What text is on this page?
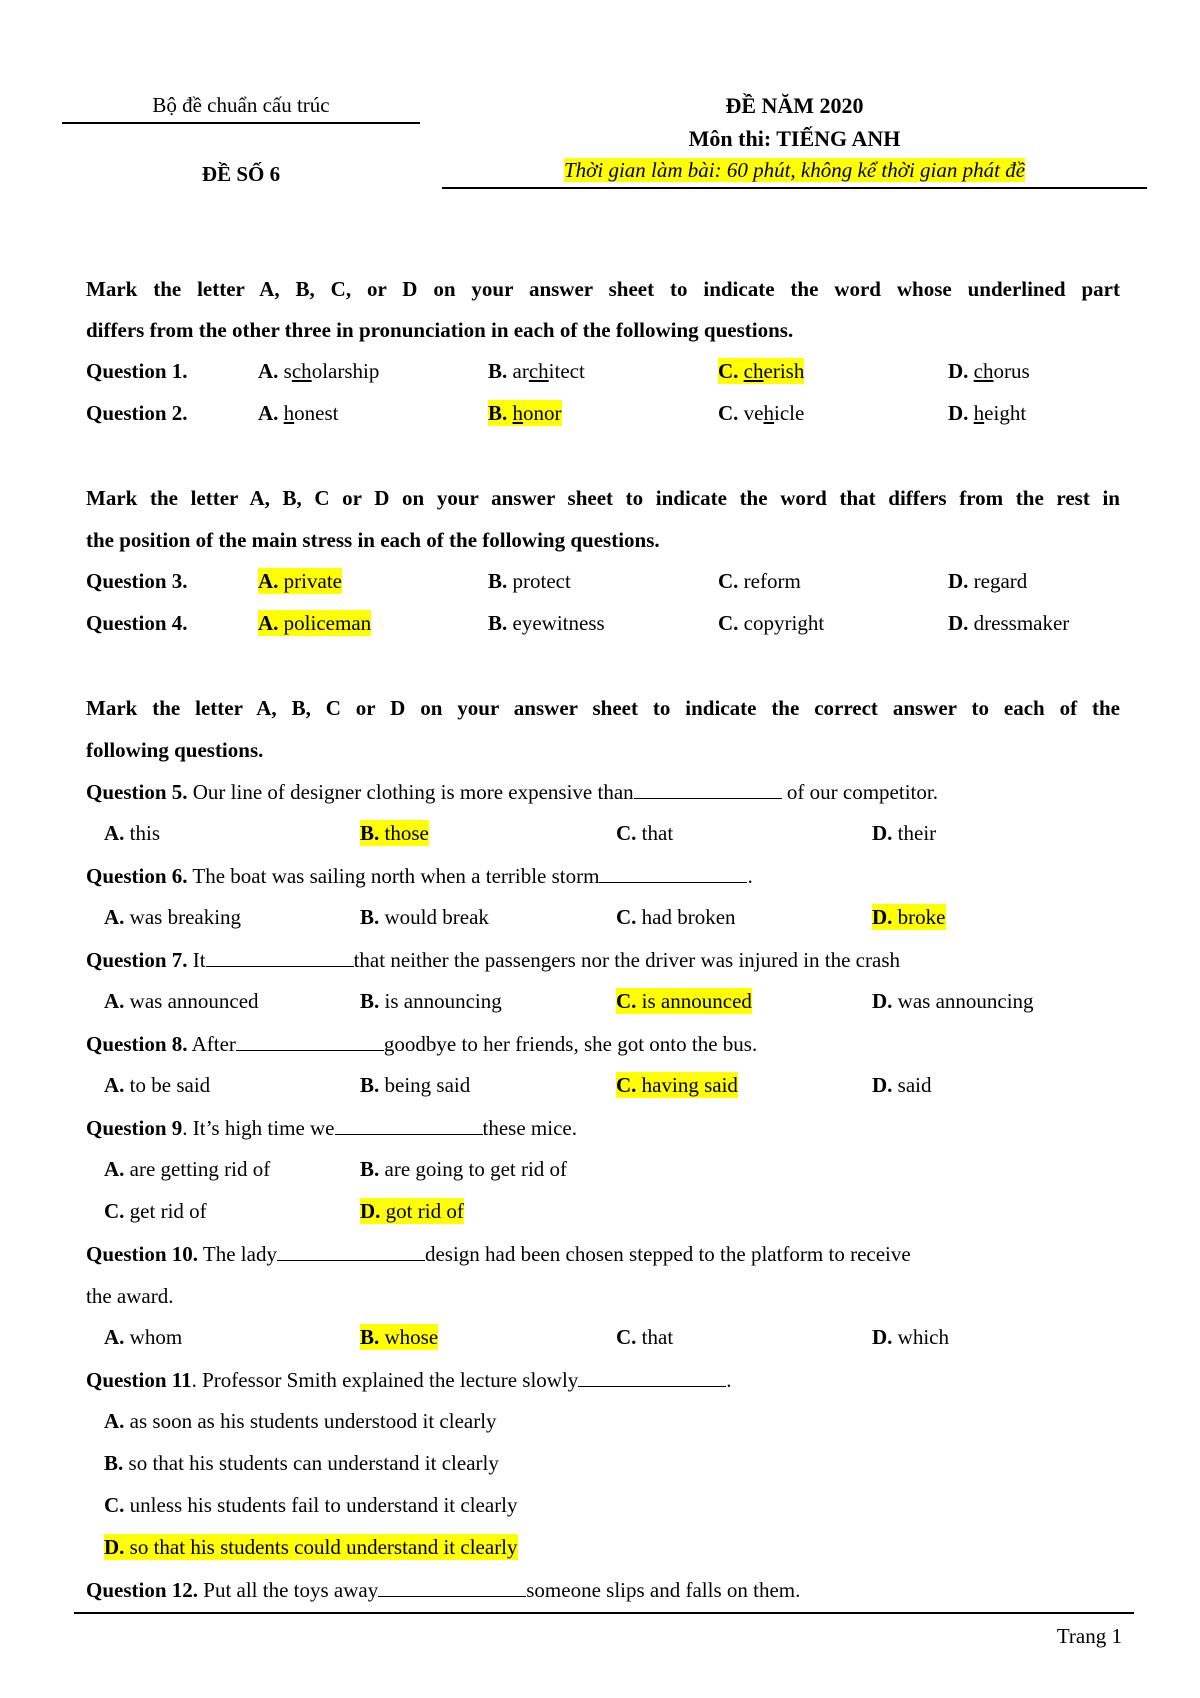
Bộ đề chuẩn cấu trúc
ĐỀ SỐ 6
ĐỀ NĂM 2020
Môn thi: TIẾNG ANH
Thời gian làm bài: 60 phút, không kể thời gian phát đề
Mark the letter A, B, C, or D on your answer sheet to indicate the word whose underlined part
differs from the other three in pronunciation in each of the following questions.
Question 1.	A. scholarship	B. architect	C. cherish	D. chorus
Question 2.	A. honest	B. honor	C. vehicle	D. height
Mark the letter A, B, C or D on your answer sheet to indicate the word that differs from the rest in
the position of the main stress in each of the following questions.
Question 3.	A. private	B. protect	C. reform	D. regard
Question 4.	A. policeman	B. eyewitness	C. copyright	D. dressmaker
Mark the letter A, B, C or D on your answer sheet to indicate the correct answer to each of the
following questions.
Question 5. Our line of designer clothing is more expensive than	of our competitor.
A. this	B. those	C. that	D. their
Question 6. The boat was sailing north when a terrible storm	.
A. was breaking	B. would break	C. had broken	D. broke
Question 7. It	that neither the passengers nor the driver was injured in the crash
A. was announced	B. is announcing	C. is announced	D. was announcing
Question 8. After	goodbye to her friends, she got onto the bus.
A. to be said	B. being said	C. having said	D. said
Question 9. It’s high time we	these mice.
A. are getting rid of	B. are going to get rid of
C. get rid of	D. got rid of
Question 10. The lady	design had been chosen stepped to the platform to receive
the award.
A. whom	B. whose	C. that	D. which
Question 11. Professor Smith explained the lecture slowly	.
A. as soon as his students understood it clearly
B. so that his students can understand it clearly
C. unless his students fail to understand it clearly
D. so that his students could understand it clearly
Question 12. Put all the toys away	someone slips and falls on them.
Trang 1
